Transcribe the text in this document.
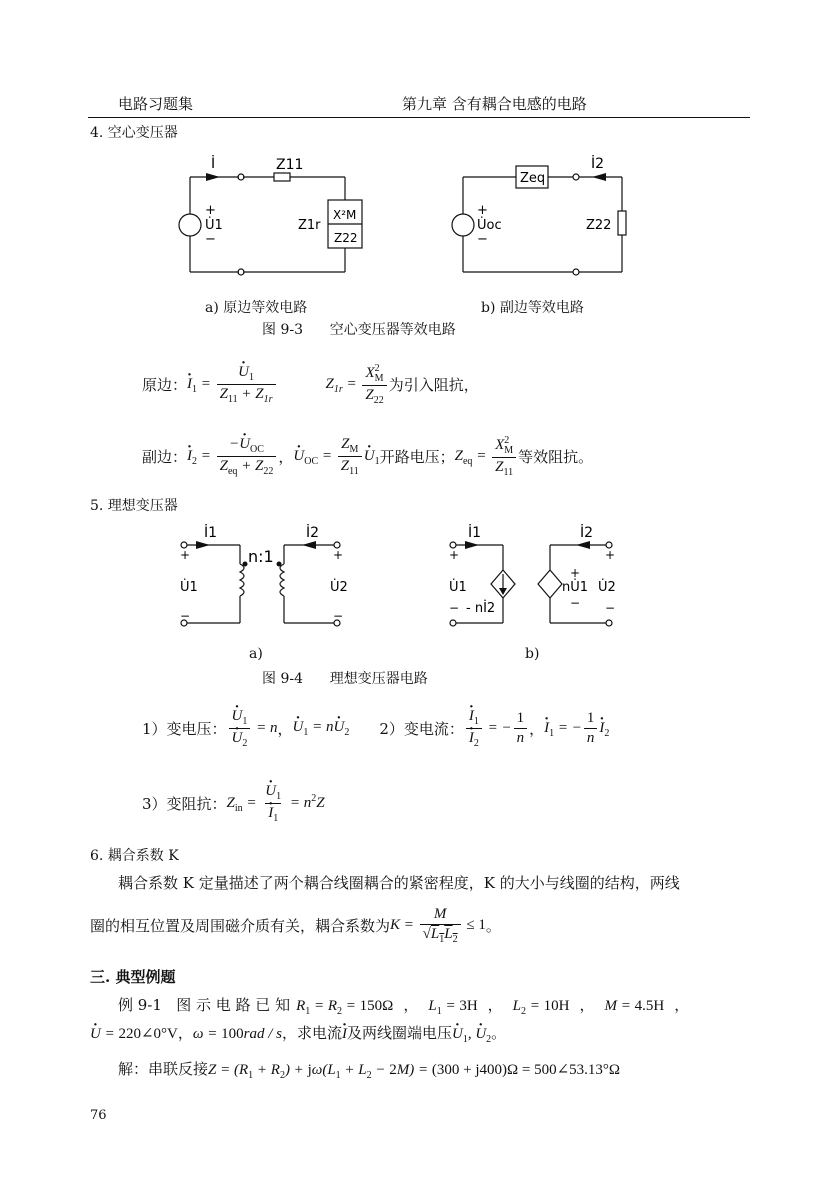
电路习题集	第九章 含有耦合电感的电路
4. 空心变压器
İ	Z11
+
U̇1
−
Z1r
X²M
Z22
Zeq
İ2
+
U̇oc
−
Z22
a) 原边等效电路	b) 副边等效电路
图 9-3      空心变压器等效电路
原边： · $I_1$ = · $\frac{U_1}{Z_{11} + Z_{1r}}$	$Z_{1r} = \frac{X^2_M}{Z_{22}}$ 为引入阻抗，
副边： · $I_2 = \frac{-\cdot U_{OC}}{Z_{eq} + Z_{22}}$ ， · $U_{OC} = \frac{Z_M}{Z_{11}} \cdot U_1$ 开路电压； $Z_{eq} = \frac{X^2_M}{Z_{11}}$ 等效阻抗。
5. 理想变压器
İ1	İ2
n:1
+
U̇1
−
+
U̇2
−
İ1	İ2
+
U̇1
− - nİ2
+
nU̇1
−
+
U̇2
−
a)	b)
图 9-4      理想变压器电路
1）变电压： · $U_1$
· $U_2 = n$ ， · $U_1 = n\cdot U_2$ 2）变电流： · $I_1$
· $I_2$ = − $\frac{1}{n}$ ， · $I_1$ = − $\frac{1}{n} \cdot I_2$
3）变阻抗： $Z_{in}$ = · $U_1$
· $I_1 = n^2Z$
6. 耦合系数 K
耦合系数 K 定量描述了两个耦合线圈耦合的紧密程度，K 的大小与线圈的结构，两线
圈的相互位置及周围磁介质有关，耦合系数为 $K = \frac{M}{√L_1L_2} \le 1$ 。
三. 典型例题
例 9-1   图 示 电 路 已 知 $R_1 = R_2 = 150\Omega$ ， $L_1 = 3H$ ， $L_2 = 10H$ ， M = 4.5H ，
· U = 220∠0°V ， ω = 100rad / s ，求电流 · I 及两线圈端电压 · $U_1$, · $U_2$ 。
解：串联反接 $Z = (R_1 + R_2) + j\omega(L_1 + L_2 - 2M) = (300 + j400)\Omega$ = 500∠53.13°Ω
76
